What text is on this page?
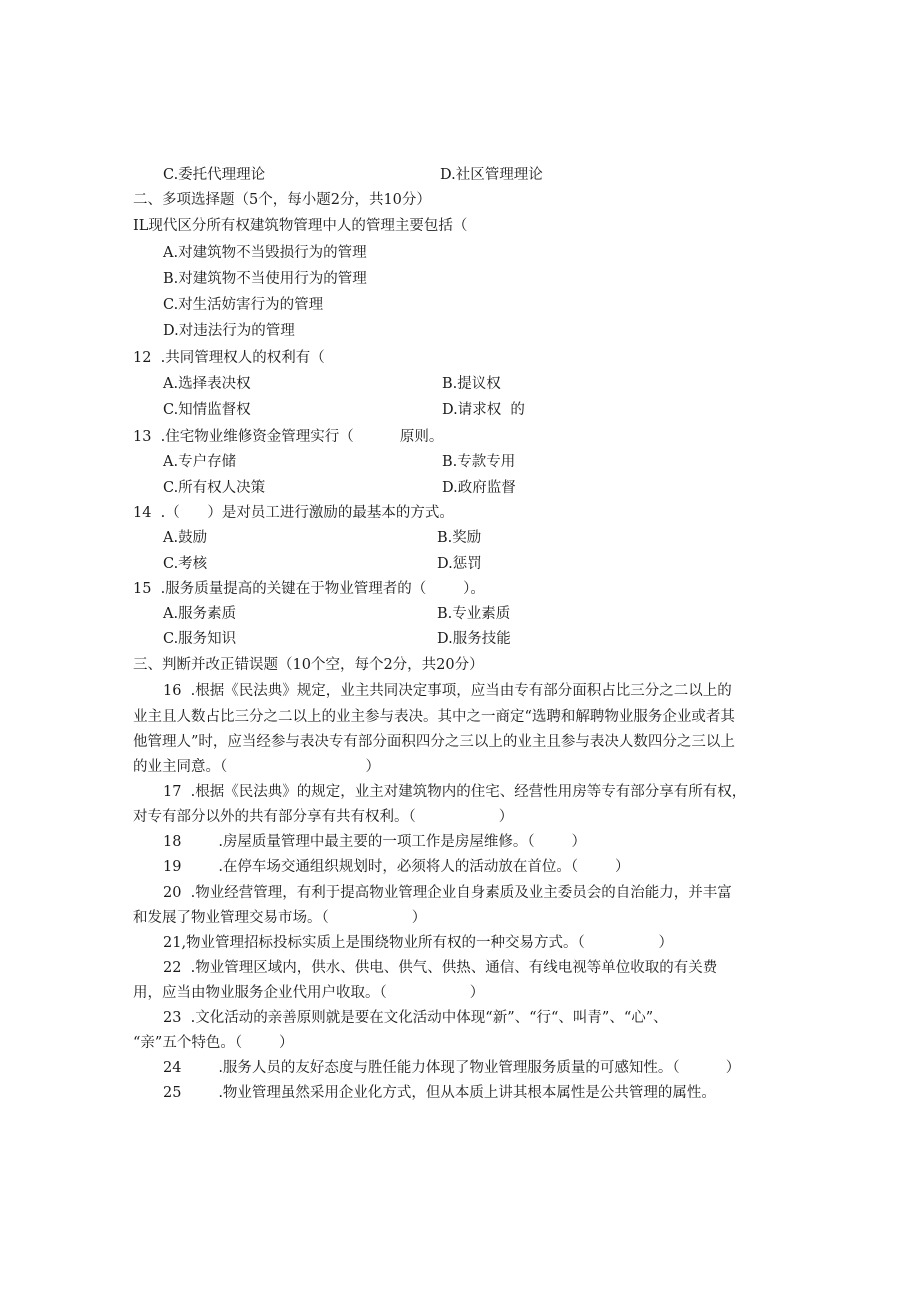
C.委托代理理论	D.社区管理理论
二、多项选择题（5个，每小题2分，共10分）
IL现代区分所有权建筑物管理中人的管理主要包括（
A.对建筑物不当毁损行为的管理
B.对建筑物不当使用行为的管理
C.对生活妨害行为的管理
D.对违法行为的管理
12  .共同管理权人的权利有（
A.选择表决权	B.提议权
C.知情监督权	D.请求权  的
13  .住宅物业维修资金管理实行（          原则。
A.专户存储	B.专款专用
C.所有权人决策	D.政府监督
14  .（      ）是对员工进行激励的最基本的方式。
A.鼓励	B.奖励
C.考核	D.惩罚
15  .服务质量提高的关键在于物业管理者的（        ）。
A.服务素质	B.专业素质
C.服务知识	D.服务技能
三、判断并改正错误题（10个空，每个2分，共20分）
16  .根据《民法典》规定，业主共同决定事项，应当由专有部分面积占比三分之二以上的
业主且人数占比三分之二以上的业主参与表决。其中之一商定“选聘和解聘物业服务企业或者其
他管理人”时，应当经参与表决专有部分面积四分之三以上的业主且参与表决人数四分之三以上
的业主同意。（                              ）
17  .根据《民法典》的规定，业主对建筑物内的住宅、经营性用房等专有部分享有所有权，
对专有部分以外的共有部分享有共有权利。（                  ）
18        .房屋质量管理中最主要的一项工作是房屋维修。（        ）
19        .在停车场交通组织规划时，必须将人的活动放在首位。（        ）
20  .物业经营管理，有利于提高物业管理企业自身素质及业主委员会的自治能力，并丰富
和发展了物业管理交易市场。（                  ）
21,物业管理招标投标实质上是围绕物业所有权的一种交易方式。（                ）
22  .物业管理区域内，供水、供电、供气、供热、通信、有线电视等单位收取的有关费
用，应当由物业服务企业代用户收取。（                  ）
23  .文化活动的亲善原则就是要在文化活动中体现“新”、“行“、叫青”、“心”、
“亲”五个特色。（        ）
24        .服务人员的友好态度与胜任能力体现了物业管理服务质量的可感知性。（          ）
25        .物业管理虽然采用企业化方式，但从本质上讲其根本属性是公共管理的属性。
